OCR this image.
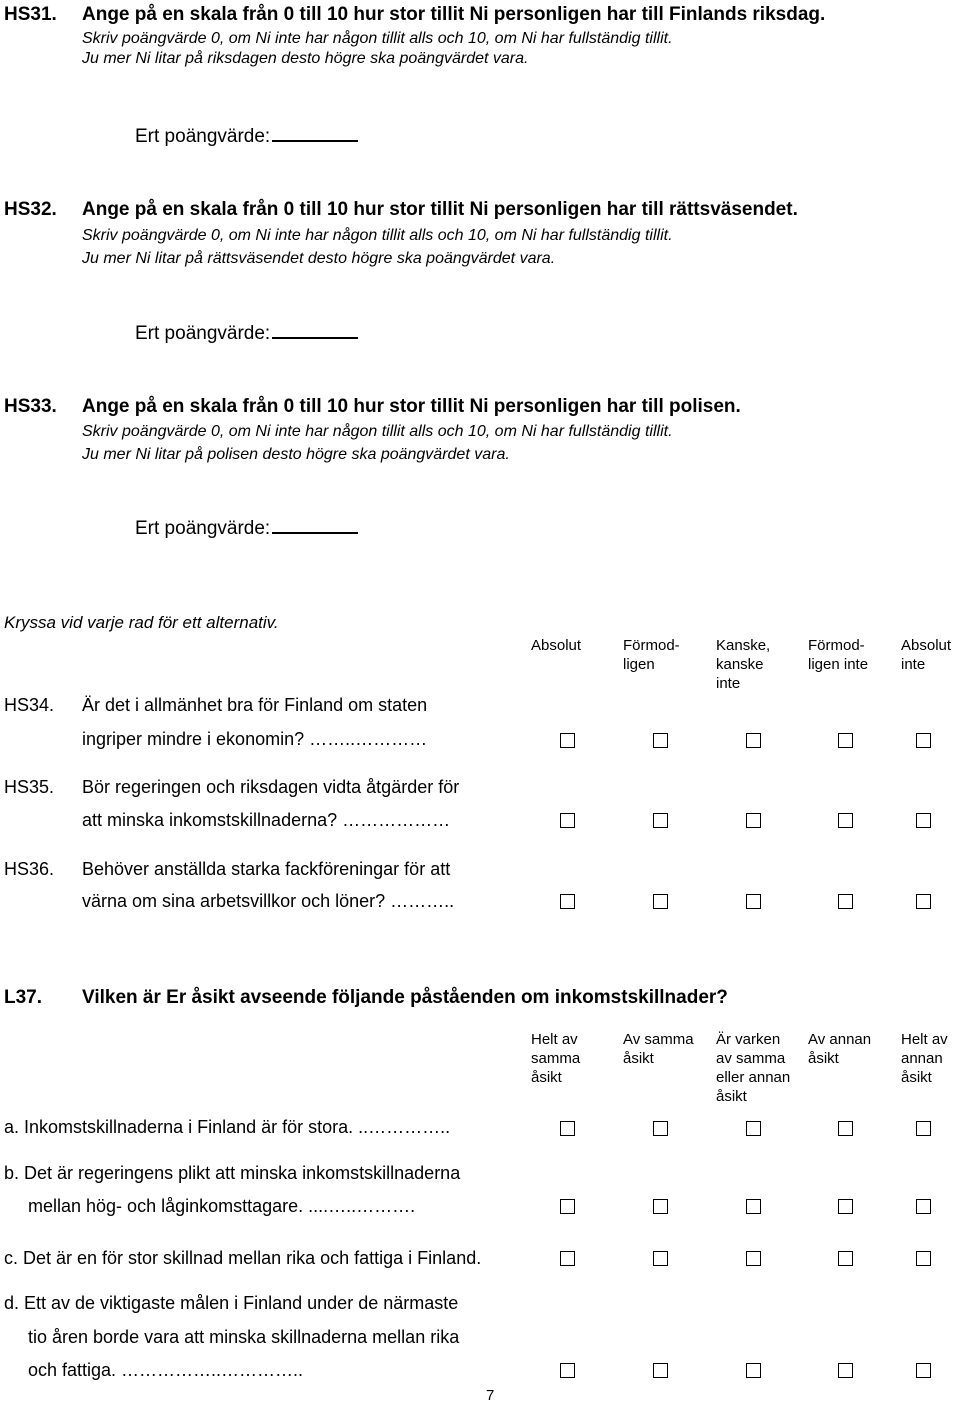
HS31. Ange på en skala från 0 till 10 hur stor tillit Ni personligen har till Finlands riksdag.
Skriv poängvärde 0, om Ni inte har någon tillit alls och 10, om Ni har fullständig tillit.
Ju mer Ni litar på riksdagen desto högre ska poängvärdet vara.
Ert poängvärde:
HS32. Ange på en skala från 0 till 10 hur stor tillit Ni personligen har till rättsväsendet.
Skriv poängvärde 0, om Ni inte har någon tillit alls och 10, om Ni har fullständig tillit.
Ju mer Ni litar på rättsväsendet desto högre ska poängvärdet vara.
Ert poängvärde:
HS33. Ange på en skala från 0 till 10 hur stor tillit Ni personligen har till polisen.
Skriv poängvärde 0, om Ni inte har någon tillit alls och 10, om Ni har fullständig tillit.
Ju mer Ni litar på polisen desto högre ska poängvärdet vara.
Ert poängvärde:
Kryssa vid varje rad för ett alternativ.
Absolut	Förmod-
ligen
Kanske,
kanske
inte
Förmod-
ligen inte
Absolut
inte
HS34. Är det i allmänhet bra för Finland om staten
ingriper mindre i ekonomin? ……..…………
HS35. Bör regeringen och riksdagen vidta åtgärder för
att minska inkomstskillnaderna? ………………
HS36. Behöver anställda starka fackföreningar för att
värna om sina arbetsvillkor och löner? ………..
L37. Vilken är Er åsikt avseende följande påståenden om inkomstskillnader?
Helt av
samma
åsikt
Av samma
åsikt
Är varken
av samma
eller annan
åsikt
Av annan
åsikt
Helt av
annan
åsikt
a. Inkomstskillnaderna i Finland är för stora. ..…………..
b. Det är regeringens plikt att minska inkomstskillnaderna
mellan hög- och låginkomsttagare. ....…..……….
c. Det är en för stor skillnad mellan rika och fattiga i Finland.
d. Ett av de viktigaste målen i Finland under de närmaste
tio åren borde vara att minska skillnaderna mellan rika
och fattiga. ……………..…………..
7
